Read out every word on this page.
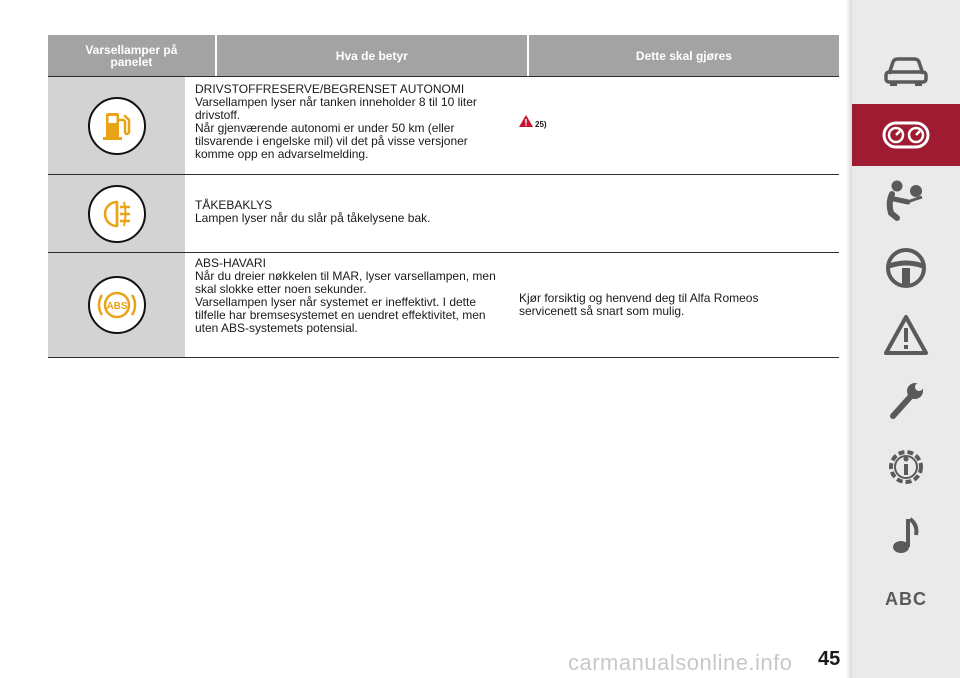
Varsellamper på panelet	Hva de betyr	Dette skal gjøres
DRIVSTOFFRESERVE/BEGRENSET AUTONOMI
Varsellampen lyser når tanken inneholder 8 til 10 liter
drivstoff.
Når gjenværende autonomi er under 50 km (eller
tilsvarende i engelske mil) vil det på visse versjoner
komme opp en advarselmelding.
25)
TÅKEBAKLYS
Lampen lyser når du slår på tåkelysene bak.
ABS
ABS-HAVARI
Når du dreier nøkkelen til MAR, lyser varsellampen, men
skal slokke etter noen sekunder.
Varsellampen lyser når systemet er ineffektivt. I dette
tilfelle har bremsesystemet en uendret effektivitet, men
uten ABS-systemets potensial.
Kjør forsiktig og henvend deg til Alfa Romeos
servicenett så snart som mulig.
ABC
carmanualsonline.info 45
